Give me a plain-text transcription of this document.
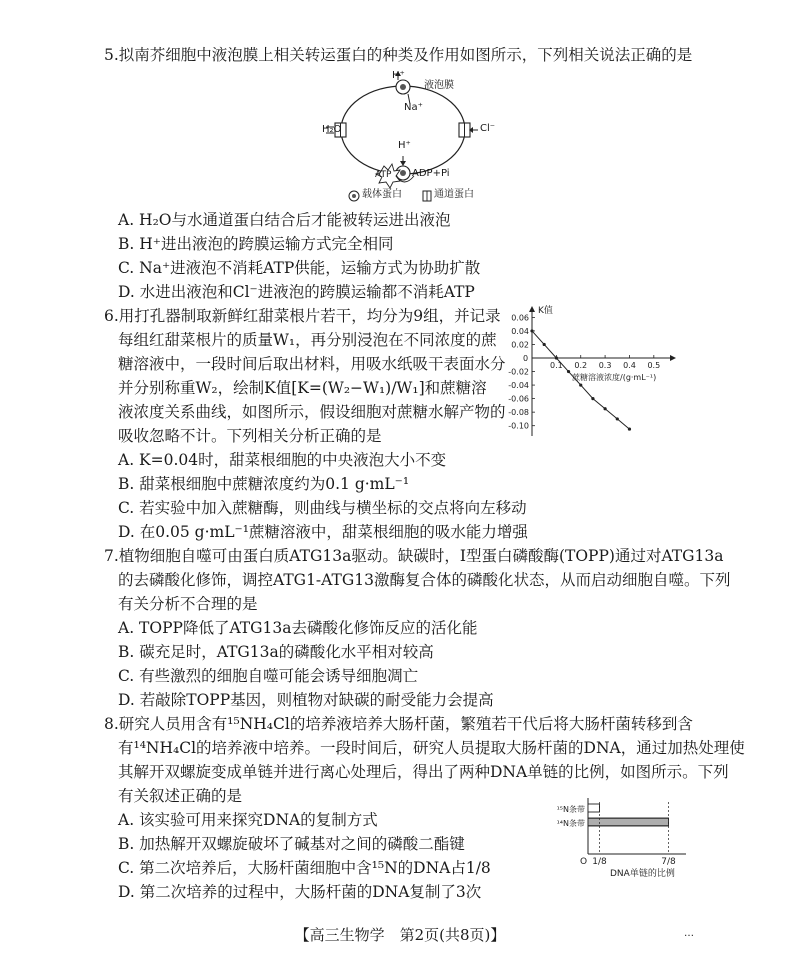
5.拟南芥细胞中液泡膜上相关转运蛋白的种类及作用如图所示，下列相关说法正确的是
H⁺
液泡膜
Na⁺
H₂O	Cl⁻
H⁺
ATP ADP+Pi
载体蛋白	通道蛋白
A. H₂O与水通道蛋白结合后才能被转运进出液泡
B. H⁺进出液泡的跨膜运输方式完全相同
C. Na⁺进液泡不消耗ATP供能，运输方式为协助扩散
D. 水进出液泡和Cl⁻进液泡的跨膜运输都不消耗ATP
6.用打孔器制取新鲜红甜菜根片若干，均分为9组，并记录
每组红甜菜根片的质量W₁，再分别浸泡在不同浓度的蔗
糖溶液中，一段时间后取出材料，用吸水纸吸干表面水分
并分别称重W₂，绘制K值[K=(W₂−W₁)/W₁]和蔗糖溶
液浓度关系曲线，如图所示，假设细胞对蔗糖水解产物的
吸收忽略不计。下列相关分析正确的是
K值
蔗糖溶液浓度/(g·mL⁻¹)
0
0.06
0.04
0.02
-0.02
-0.04
-0.06
-0.08
-0.10
0.1 0.2 0.3 0.4 0.5
A. K=0.04时，甜菜根细胞的中央液泡大小不变
B. 甜菜根细胞中蔗糖浓度约为0.1 g·mL⁻¹
C. 若实验中加入蔗糖酶，则曲线与横坐标的交点将向左移动
D. 在0.05 g·mL⁻¹蔗糖溶液中，甜菜根细胞的吸水能力增强
7.植物细胞自噬可由蛋白质ATG13a驱动。缺碳时，Ⅰ型蛋白磷酸酶(TOPP)通过对ATG13a
的去磷酸化修饰，调控ATG1-ATG13激酶复合体的磷酸化状态，从而启动细胞自噬。下列
有关分析不合理的是
A. TOPP降低了ATG13a去磷酸化修饰反应的活化能
B. 碳充足时，ATG13a的磷酸化水平相对较高
C. 有些激烈的细胞自噬可能会诱导细胞凋亡
D. 若敲除TOPP基因，则植物对缺碳的耐受能力会提高
8.研究人员用含有¹⁵NH₄Cl的培养液培养大肠杆菌，繁殖若干代后将大肠杆菌转移到含
有¹⁴NH₄Cl的培养液中培养。一段时间后，研究人员提取大肠杆菌的DNA，通过加热处理使
其解开双螺旋变成单链并进行离心处理后，得出了两种DNA单链的比例，如图所示。下列
有关叙述正确的是
A. 该实验可用来探究DNA的复制方式
B. 加热解开双螺旋破坏了碱基对之间的磷酸二酯键
C. 第二次培养后，大肠杆菌细胞中含¹⁵N的DNA占1/8
D. 第二次培养的过程中，大肠杆菌的DNA复制了3次
O
DNA单链的比例
¹⁵N条带
¹⁴N条带
1/8	7/8
【高三生物学　第2页(共8页)】	…
